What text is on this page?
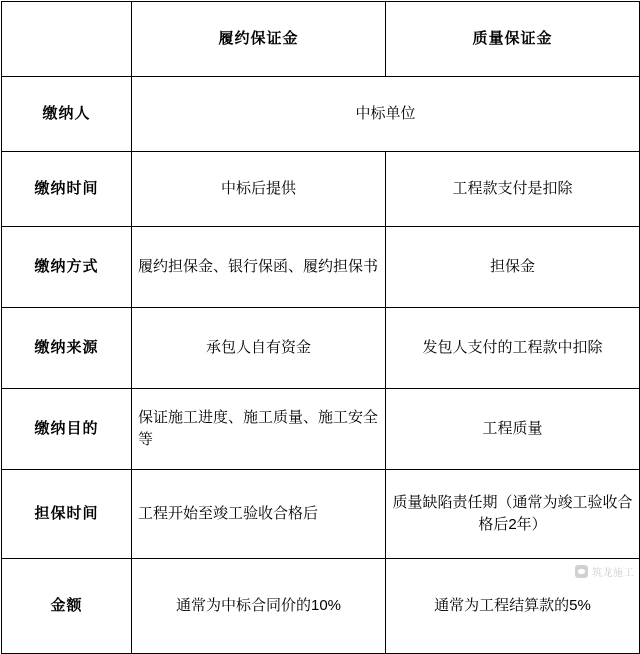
	履约保证金	质量保证金
缴纳人	中标单位	
缴纳时间	中标后提供	工程款支付是扣除
缴纳方式	履约担保金、银行保函、履约担保书	担保金
缴纳来源	承包人自有资金	发包人支付的工程款中扣除
缴纳目的	保证施工进度、施工质量、施工安全等	工程质量
担保时间	工程开始至竣工验收合格后	质量缺陷责任期（通常为竣工验收合格后2年）
金额	通常为中标合同价的10%	通常为工程结算款的5%
筑龙施工
